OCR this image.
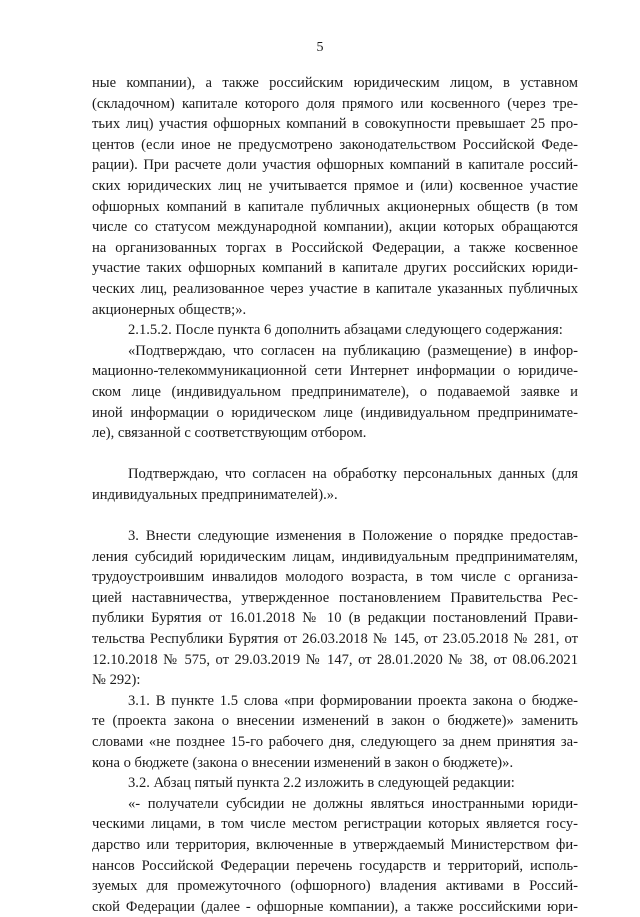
5
ные компании), а также российским юридическим лицом, в уставном
(складочном) капитале которого доля прямого или косвенного (через тре-
тьих лиц) участия офшорных компаний в совокупности превышает 25 про-
центов (если иное не предусмотрено законодательством Российской Феде-
рации). При расчете доли участия офшорных компаний в капитале россий-
ских юридических лиц не учитывается прямое и (или) косвенное участие
офшорных компаний в капитале публичных акционерных обществ (в том
числе со статусом международной компании), акции которых обращаются
на организованных торгах в Российской Федерации, а также косвенное
участие таких офшорных компаний в капитале других российских юриди-
ческих лиц, реализованное через участие в капитале указанных публичных
акционерных обществ;».
2.1.5.2. После пункта 6 дополнить абзацами следующего содержания:
«Подтверждаю, что согласен на публикацию (размещение) в инфор-
мационно-телекоммуникационной сети Интернет информации о юридиче-
ском лице (индивидуальном предпринимателе), о подаваемой заявке и
иной информации о юридическом лице (индивидуальном предпринимате-
ле), связанной с соответствующим отбором.
Подтверждаю, что согласен на обработку персональных данных (для
индивидуальных предпринимателей).».
3. Внести следующие изменения в Положение о порядке предостав-
ления субсидий юридическим лицам, индивидуальным предпринимателям,
трудоустроившим инвалидов молодого возраста, в том числе с организа-
цией наставничества, утвержденное постановлением Правительства Рес-
публики Бурятия от 16.01.2018 № 10 (в редакции постановлений Прави-
тельства Республики Бурятия от 26.03.2018 № 145, от 23.05.2018 № 281, от
12.10.2018 № 575, от 29.03.2019 № 147, от 28.01.2020 № 38, от 08.06.2021
№ 292):
3.1. В пункте 1.5 слова «при формировании проекта закона о бюдже-
те (проекта закона о внесении изменений в закон о бюджете)» заменить
словами «не позднее 15-го рабочего дня, следующего за днем принятия за-
кона о бюджете (закона о внесении изменений в закон о бюджете)».
3.2. Абзац пятый пункта 2.2 изложить в следующей редакции:
«- получатели субсидии не должны являться иностранными юриди-
ческими лицами, в том числе местом регистрации которых является госу-
дарство или территория, включенные в утверждаемый Министерством фи-
нансов Российской Федерации перечень государств и территорий, исполь-
зуемых для промежуточного (офшорного) владения активами в Россий-
ской Федерации (далее - офшорные компании), а также российскими юри-
